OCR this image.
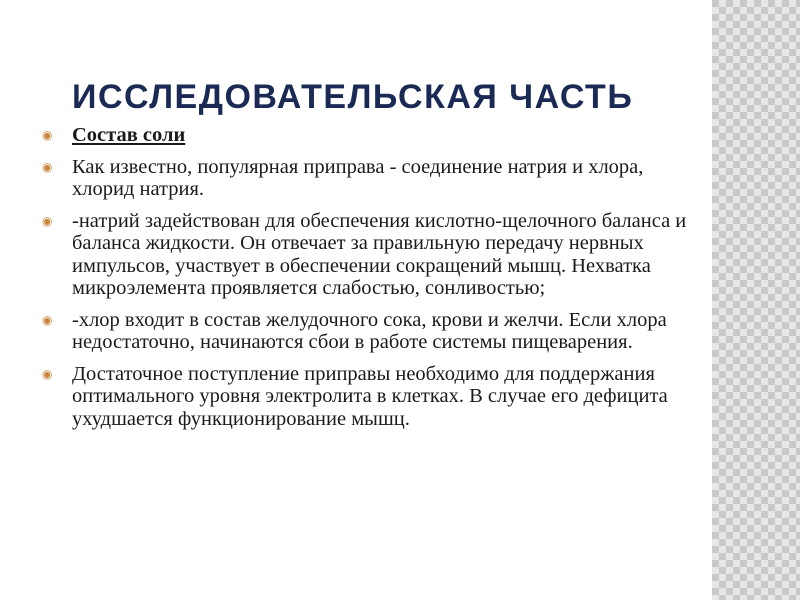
ИССЛЕДОВАТЕЛЬСКАЯ ЧАСТЬ
◉ Состав соли
◉ Как известно, популярная приправа - соединение натрия и хлора, хлорид натрия.
◉ -натрий задействован для обеспечения кислотно-щелочного баланса и баланса жидкости. Он отвечает за правильную передачу нервных импульсов, участвует в обеспечении сокращений мышц. Нехватка микроэлемента проявляется слабостью, сонливостью;
◉ -хлор входит в состав желудочного сока, крови и желчи. Если хлора недостаточно, начинаются сбои в работе системы пищеварения.
◉ Достаточное поступление приправы необходимо для поддержания оптимального уровня электролита в клетках. В случае его дефицита ухудшается функционирование мышц.
